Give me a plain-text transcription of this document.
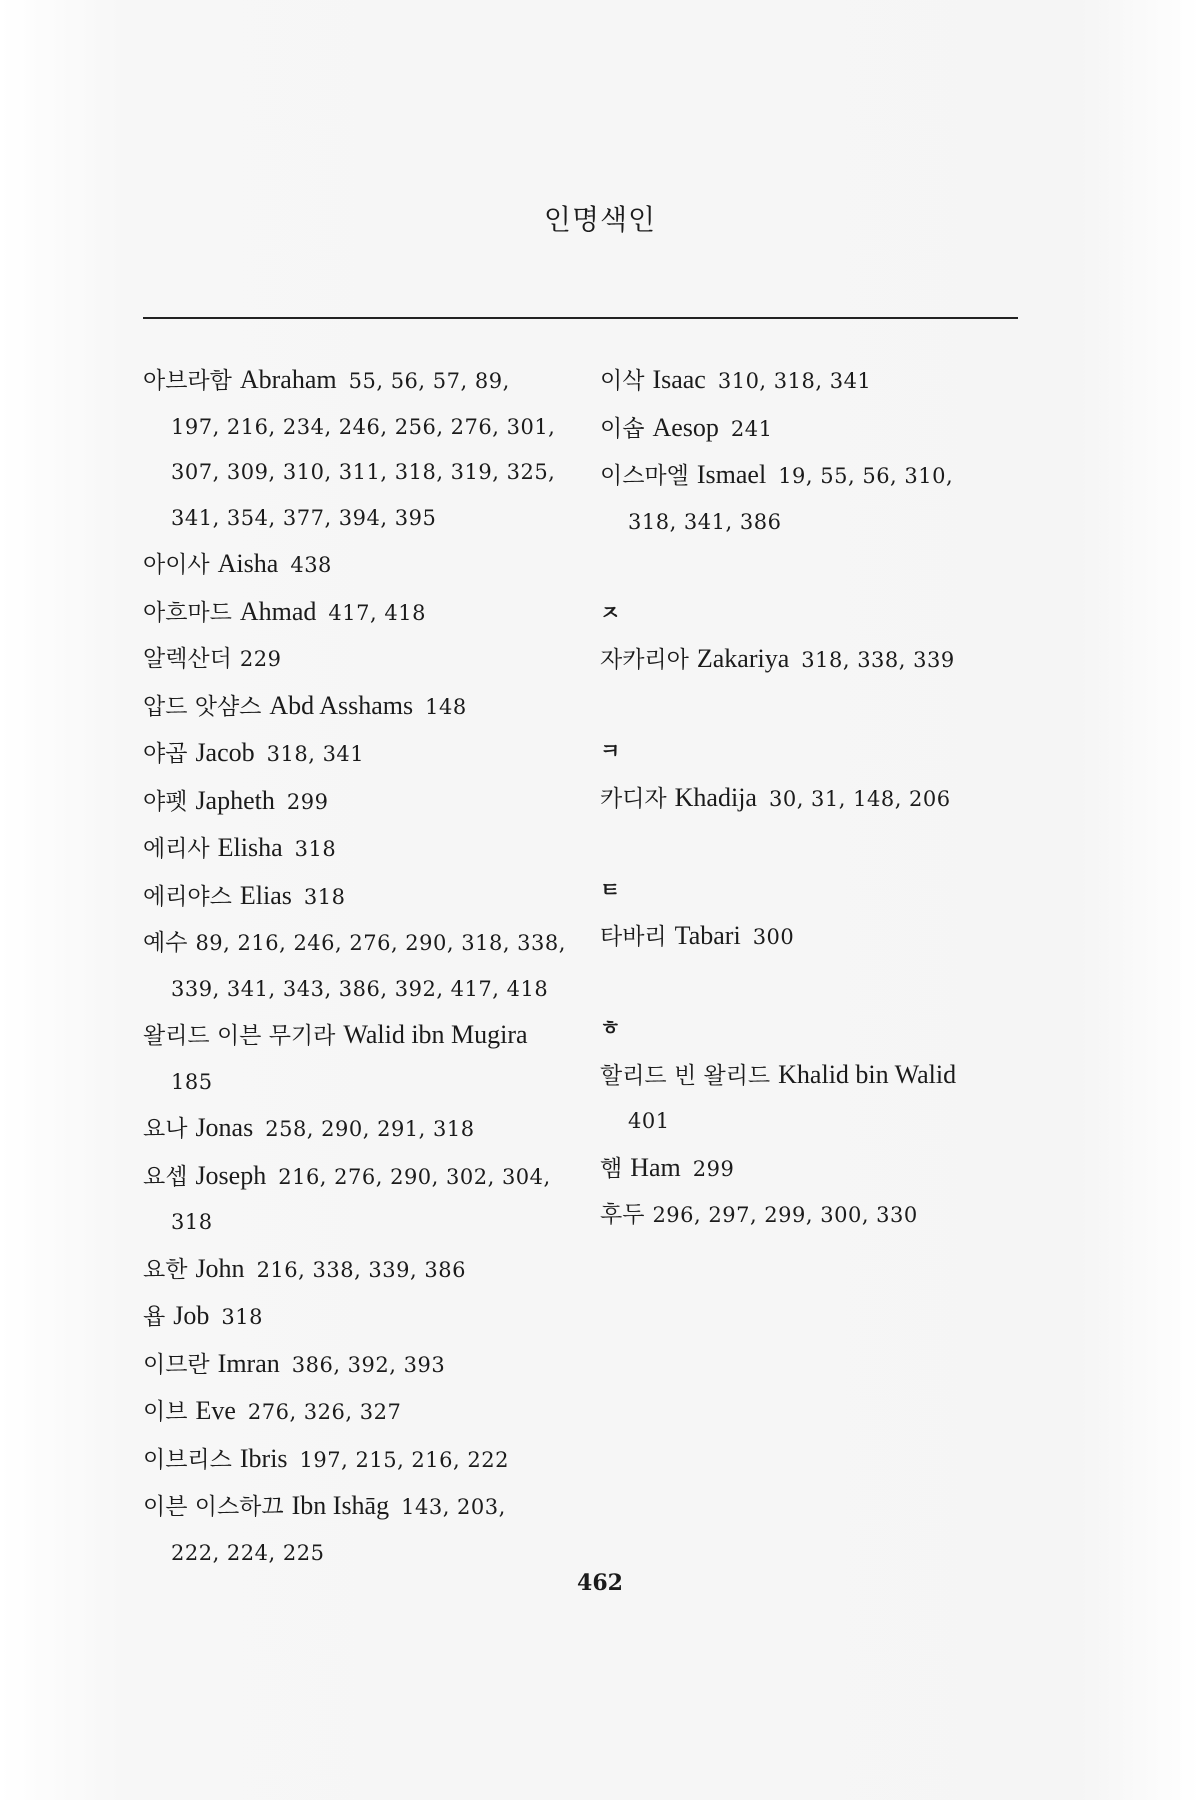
인명색인
아브라함 Abraham 55, 56, 57, 89,
197, 216, 234, 246, 256, 276, 301,
307, 309, 310, 311, 318, 319, 325,
341, 354, 377, 394, 395
아이사 Aisha 438
아흐마드 Ahmad 417, 418
알렉산더 229
압드 앗샴스 Abd Asshams 148
야곱 Jacob 318, 341
야펫 Japheth 299
에리사 Elisha 318
에리야스 Elias 318
예수 89, 216, 246, 276, 290, 318, 338,
339, 341, 343, 386, 392, 417, 418
왈리드 이븐 무기라 Walid ibn Mugira
185
요나 Jonas 258, 290, 291, 318
요셉 Joseph 216, 276, 290, 302, 304,
318
요한 John 216, 338, 339, 386
욥 Job 318
이므란 Imran 386, 392, 393
이브 Eve 276, 326, 327
이브리스 Ibris 197, 215, 216, 222
이븐 이스하끄 Ibn Ishāg 143, 203,
222, 224, 225
이삭 Isaac 310, 318, 341
이솝 Aesop 241
이스마엘 Ismael 19, 55, 56, 310,
318, 341, 386
ㅈ
자카리아 Zakariya 318, 338, 339
ㅋ
카디자 Khadija 30, 31, 148, 206
ㅌ
타바리 Tabari 300
ㅎ
할리드 빈 왈리드 Khalid bin Walid
401
햄 Ham 299
후두 296, 297, 299, 300, 330
462
